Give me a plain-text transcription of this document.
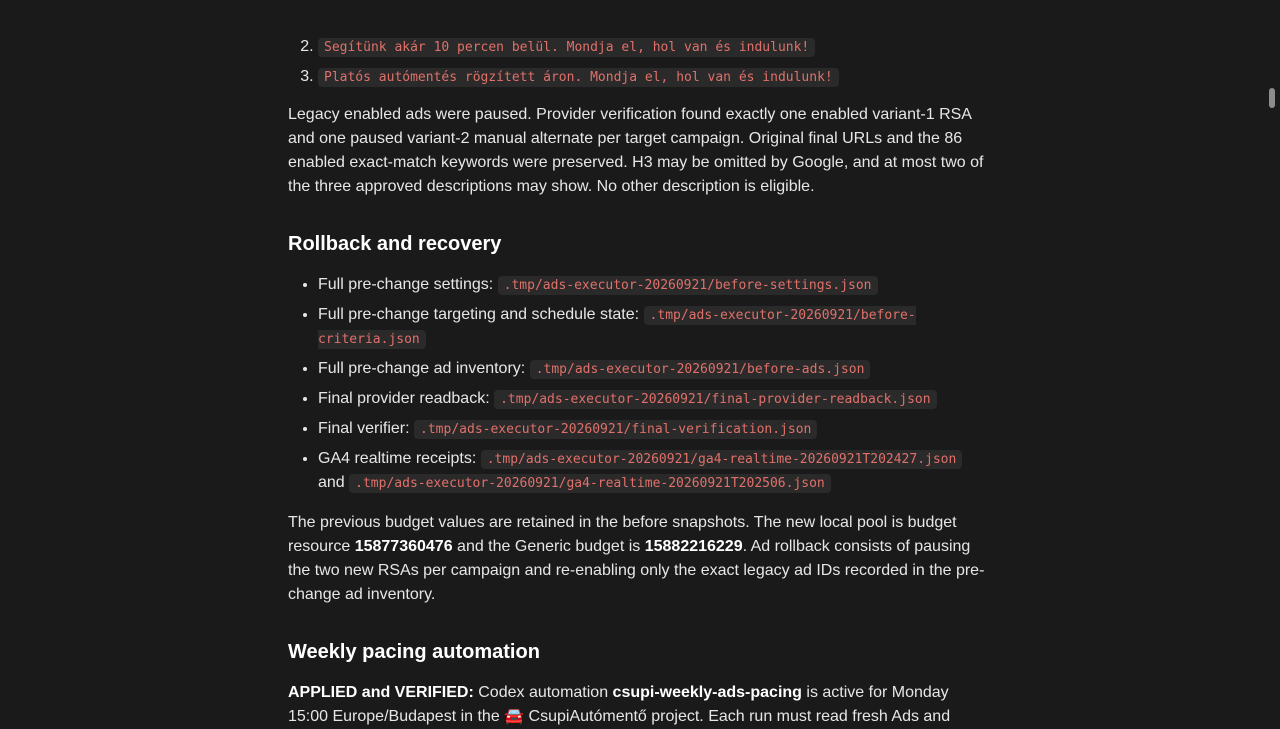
2. Segítünk akár 10 percen belül. Mondja el, hol van és indulunk!
3. Platós autómentés rögzített áron. Mondja el, hol van és indulunk!

Legacy enabled ads were paused. Provider verification found exactly one enabled variant-1 RSA and one paused variant-2 manual alternate per target campaign. Original final URLs and the 86 enabled exact-match keywords were preserved. H3 may be omitted by Google, and at most two of the three approved descriptions may show. No other description is eligible.

Rollback and recovery
• Full pre-change settings: .tmp/ads-executor-20260921/before-settings.json
• Full pre-change targeting and schedule state: .tmp/ads-executor-20260921/before-criteria.json
• Full pre-change ad inventory: .tmp/ads-executor-20260921/before-ads.json
• Final provider readback: .tmp/ads-executor-20260921/final-provider-readback.json
• Final verifier: .tmp/ads-executor-20260921/final-verification.json
• GA4 realtime receipts: .tmp/ads-executor-20260921/ga4-realtime-20260921T202427.json and .tmp/ads-executor-20260921/ga4-realtime-20260921T202506.json

The previous budget values are retained in the before snapshots. The new local pool is budget resource 15877360476 and the Generic budget is 15882216229. Ad rollback consists of pausing the two new RSAs per campaign and re-enabling only the exact legacy ad IDs recorded in the pre-change ad inventory.

Weekly pacing automation

APPLIED and VERIFIED: Codex automation csupi-weekly-ads-pacing is active for Monday 15:00 Europe/Budapest in the 🚘 CsupiAutómentő project. Each run must read fresh Ads and
